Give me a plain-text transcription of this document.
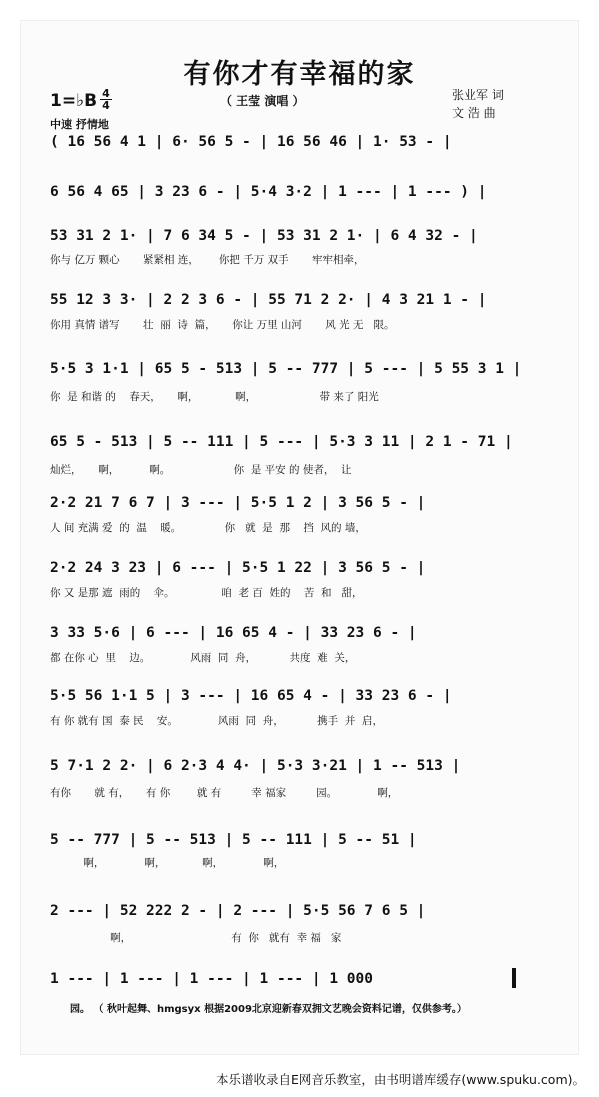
有你才有幸福的家
（ 王莹 演唱 ）	张业军 词
文 浩 曲
1=♭B 4
4
中速 抒情地
( 16 56 4 1 | 6· 56 5 - | 16 56 46 | 1· 53 - |
6 56 4 65 | 3 23 6 - | 5·4 3·2 | 1 --- | 1 --- ) |
53 31 2 1· | 7 6 34 5 - | 53 31 2 1· | 6 4 32 - |
你与 亿万 颗心       紧紧相 连，      你把 千万 双手       牢牢相牵，
55 12 3 3· | 2 2 3 6 - | 55 71 2 2· | 4 3 21 1 - |
你用 真情 谱写       壮  丽  诗  篇，     你让 万里 山河       风 光 无   限。
5·5 3 1·1 | 65 5 - 513 | 5 -- 777 | 5 --- | 5 55 3 1 |
你  是 和谐 的    春天，     啊，           啊，                   带 来了 阳光
65 5 - 513 | 5 -- 111 | 5 --- | 5·3 3 11 | 2 1 - 71 |
灿烂，     啊，         啊。                   你  是 平安 的 使者，  让
2·2 21 7 6 7 | 3 --- | 5·5 1 2 | 3 56 5 - |
人 间 充满 爱  的  温    暖。             你   就  是  那    挡  风的 墙，
2·2 24 3 23 | 6 --- | 5·5 1 22 | 3 56 5 - |
你 又 是那 遮  雨的    伞。              咱  老 百  姓的    苦  和   甜，
3 33 5·6 | 6 --- | 16 65 4 - | 33 23 6 - |
都 在你 心  里    边。            风雨  同  舟，          共度  难  关，
5·5 56 1·1 5 | 3 --- | 16 65 4 - | 33 23 6 - |
有 你 就有 国  泰 民    安。            风雨  同  舟，          携手  并  启，
5 7·1 2 2· | 6 2·3 4 4· | 5·3 3·21 | 1 -- 513 |
有你       就 有，     有 你        就 有         幸 福家         园。            啊，
5 -- 777 | 5 -- 513 | 5 -- 111 | 5 -- 51 |
啊，            啊，           啊，            啊，
2 --- | 52 222 2 - | 2 --- | 5·5 56 7 6 5 |
啊，                              有  你   就有  幸 福   家
1 --- | 1 --- | 1 --- | 1 --- | 1 000
园。 （ 秋叶起舞、hmgsyx 根据2009北京迎新春双拥文艺晚会资料记谱，仅供参考。）
本乐谱收录自E网音乐教室，由书明谱库缓存(www.spuku.com)。
